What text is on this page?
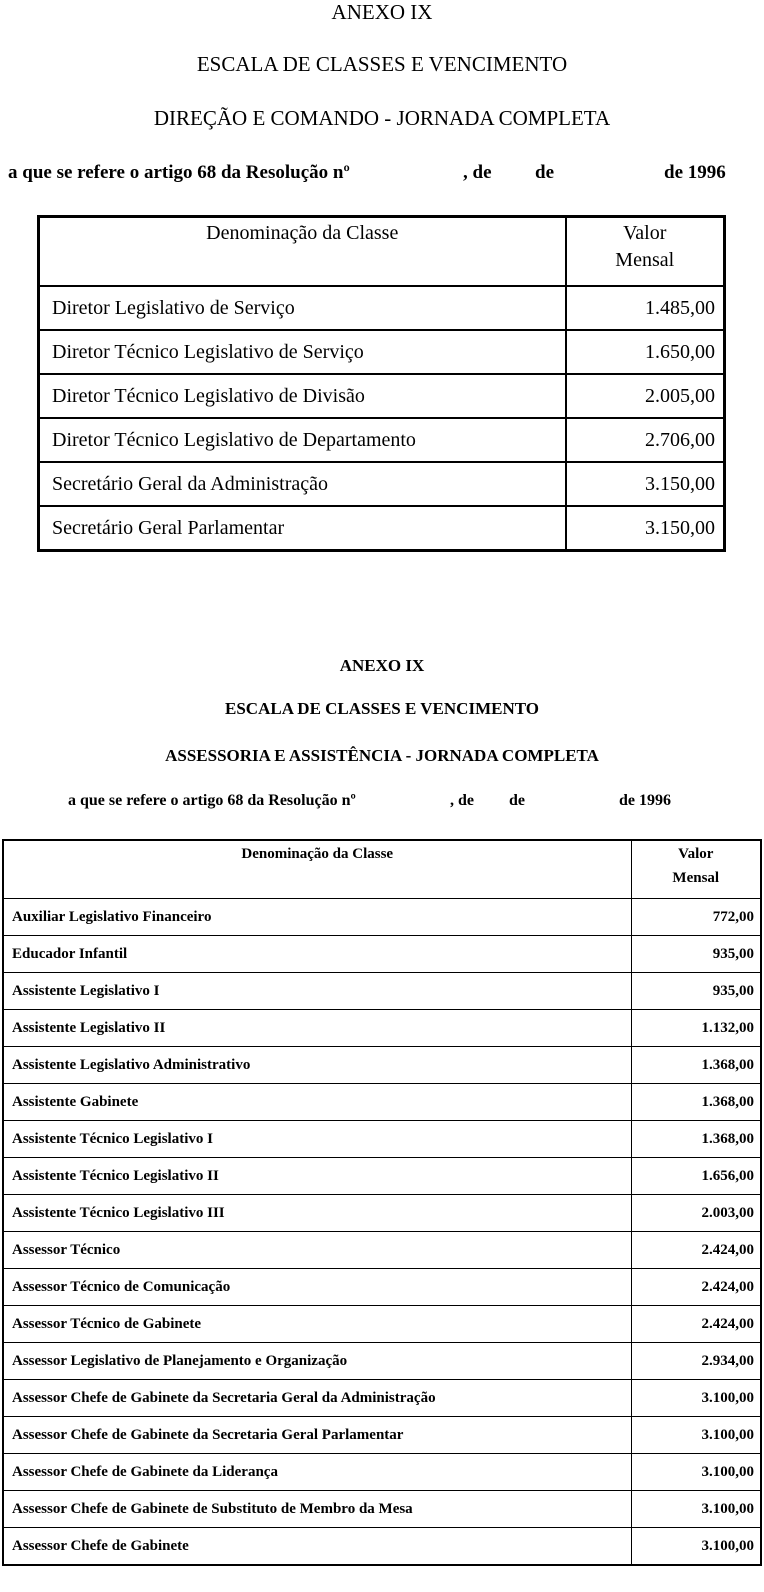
ANEXO IX
ESCALA DE CLASSES E VENCIMENTO
DIREÇÃO E COMANDO - JORNADA COMPLETA
a que se refere o artigo 68 da Resolução nº	, de de	de 1996
Denominação da Classe	Valor
Mensal

Diretor Legislativo de Serviço	1.485,00
Diretor Técnico Legislativo de Serviço	1.650,00
Diretor Técnico Legislativo de Divisão	2.005,00
Diretor Técnico Legislativo de Departamento	2.706,00
Secretário Geral da Administração	3.150,00
Secretário Geral Parlamentar	3.150,00
ANEXO IX
ESCALA DE CLASSES E VENCIMENTO
ASSESSORIA E ASSISTÊNCIA - JORNADA COMPLETA
a que se refere o artigo 68 da Resolução nº	, de de	de 1996
Denominação da Classe	Valor
Mensal

Auxiliar Legislativo Financeiro	772,00
Educador Infantil	935,00
Assistente Legislativo I	935,00
Assistente Legislativo II	1.132,00
Assistente Legislativo Administrativo	1.368,00
Assistente Gabinete	1.368,00
Assistente Técnico Legislativo I	1.368,00
Assistente Técnico Legislativo II	1.656,00
Assistente Técnico Legislativo III	2.003,00
Assessor Técnico	2.424,00
Assessor Técnico de Comunicação	2.424,00
Assessor Técnico de Gabinete	2.424,00
Assessor Legislativo de Planejamento e Organização	2.934,00
Assessor Chefe de Gabinete da Secretaria Geral da Administração	3.100,00
Assessor Chefe de Gabinete da Secretaria Geral Parlamentar	3.100,00
Assessor Chefe de Gabinete da Liderança	3.100,00
Assessor Chefe de Gabinete de Substituto de Membro da Mesa	3.100,00
Assessor Chefe de Gabinete	3.100,00
